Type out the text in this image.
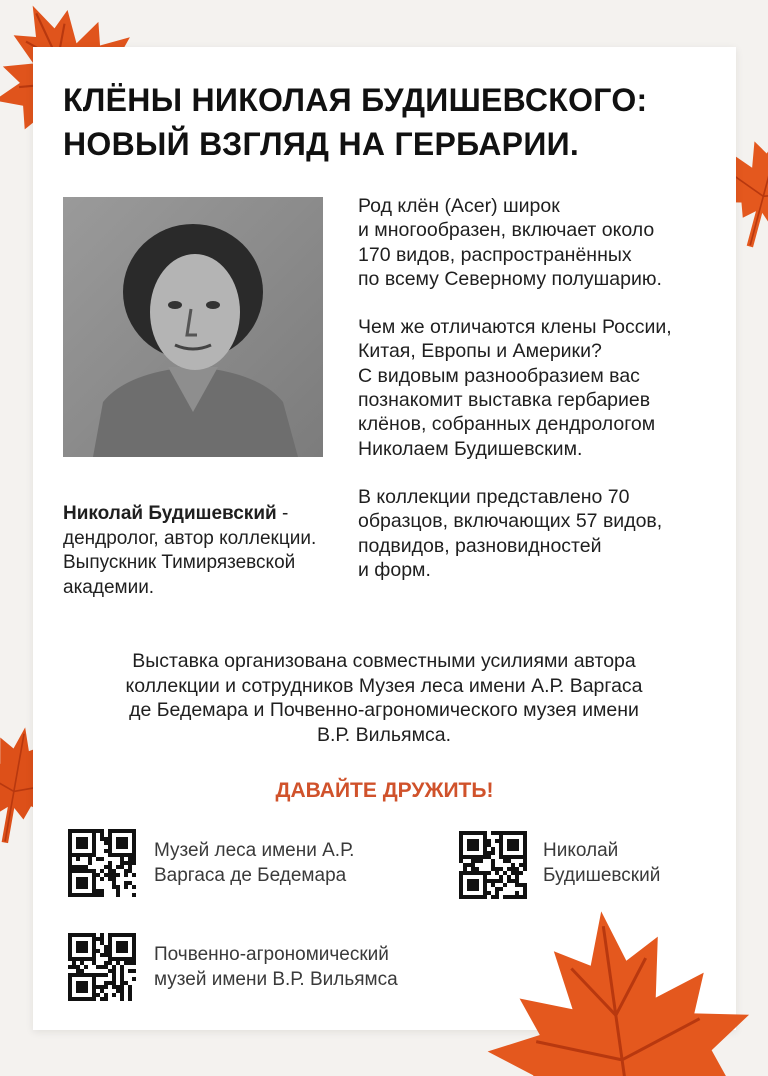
КЛЁНЫ НИКОЛАЯ БУДИШЕВСКОГО:
НОВЫЙ ВЗГЛЯД НА ГЕРБАРИИ.

Николай Будишевский - дендролог, автор коллекции. Выпускник Тимирязевской академии.

Род клён (Acer) широк
и многообразен, включает около
170 видов, распространённых
по всему Северному полушарию.

Чем же отличаются клены России,
Китая, Европы и Америки?
С видовым разнообразием вас
познакомит выставка гербариев
клёнов, собранных дендрологом
Николаем Будишевским.

В коллекции представлено 70
образцов, включающих 57 видов,
подвидов, разновидностей
и форм.

Выставка организована совместными усилиями автора
коллекции и сотрудников Музея леса имени А.Р. Варгаса
де Бедемара и Почвенно-агрономического музея имени
В.Р. Вильямса.

ДАВАЙТЕ ДРУЖИТЬ!

Музей леса имени А.Р.
Варгаса де Бедемара
Николай
Будишевский
Почвенно-агрономический
музей имени В.Р. Вильямса
